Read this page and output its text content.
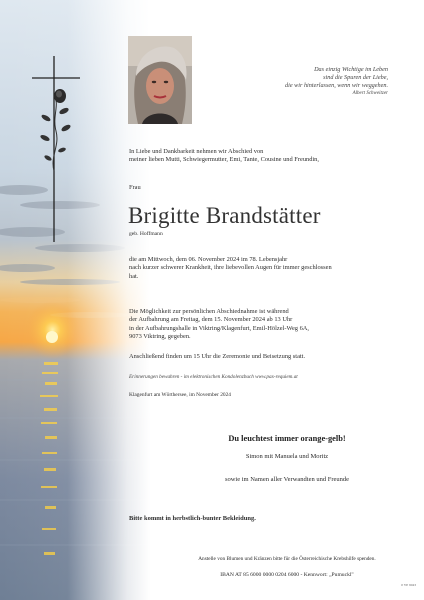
Das einzig Wichtige im Leben
sind die Spuren der Liebe,
die wir hinterlassen, wenn wir weggehen.
Albert Schweitzer
In Liebe und Dankbarkeit nehmen wir Abschied von
meiner lieben Mutti, Schwiegermutter, Emi, Tante, Cousine und Freundin,
Frau
Brigitte Brandstätter
geb. Hoffmann
die am Mittwoch, dem 06. November 2024 im 78. Lebensjahr
nach kurzer schwerer Krankheit, ihre liebevollen Augen für immer geschlossen
hat.
Die Möglichkeit zur persönlichen Abschiednahme ist während
der Aufbahrung am Freitag, dem 15. November 2024 ab 13 Uhr
in der Aufbahrungshalle in Viktring/Klagenfurt, Emil-Hölzel-Weg 6A,
9073 Viktring, gegeben.
Anschließend finden um 15 Uhr die Zeremonie und Beisetzung statt.
Erinnerungen bewahren - im elektronischen Kondolenzbuch www.pax-requiem.at
Klagenfurt am Wörthersee, im November 2024
Du leuchtest immer orange-gelb!
Simon mit Manuela und Moritz
sowie im Namen aller Verwandten und Freunde
Bitte kommt in herbstlich-bunter Bekleidung.
Anstelle von Blumen und Kränzen bitte für die Österreichische Krebshilfe spenden.
IBAN AT 85 6000 0000 0204 6000 - Kennwort: „Pumuckl"
0 YP 9043
